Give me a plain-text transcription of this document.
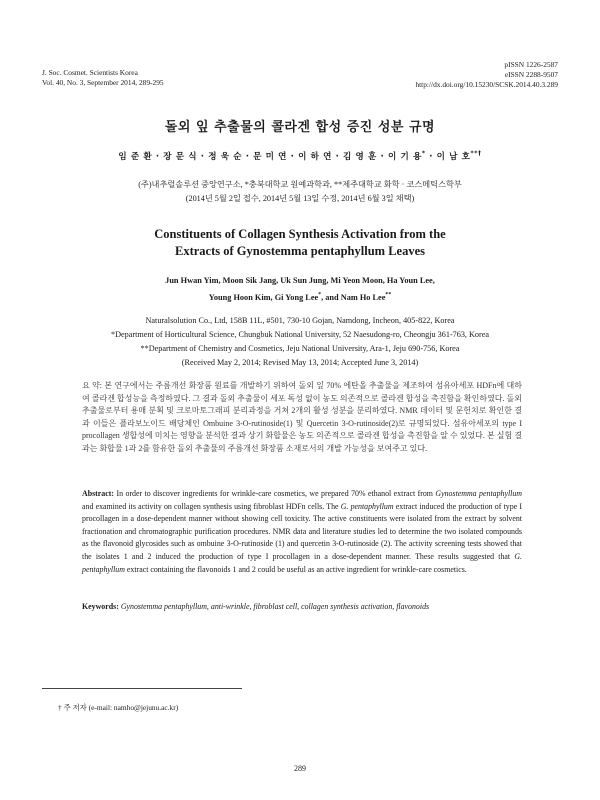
J. Soc. Cosmet. Scientists Korea
Vol. 40, No. 3, September 2014, 289-295
pISSN 1226-2587
eISSN 2288-9507
http://dx.doi.org/10.15230/SCSK.2014.40.3.289
돌외 잎 추출물의 콜라겐 합성 증진 성분 규명
임 준 환 · 장 문 식 · 정 욱 순 · 문 미 연 · 이 하 연 · 김 영 훈 · 이 기 용* · 이 남 호**†
(주)내추럴솔루션 중앙연구소, *충북대학교 원예과학과, **제주대학교 화학 · 코스메틱스학부
(2014년 5월 2일 접수, 2014년 5월 13일 수정, 2014년 6월 3일 채택)
Constituents of Collagen Synthesis Activation from the
Extracts of Gynostemma pentaphyllum Leaves
Jun Hwan Yim, Moon Sik Jang, Uk Sun Jung, Mi Yeon Moon, Ha Youn Lee,
Young Hoon Kim, Gi Yong Lee*, and Nam Ho Lee**
Naturalsolution Co., Ltd, 158B 11L, #501, 730-10 Gojan, Namdong, Incheon, 405-822, Korea
*Department of Horticultural Science, Chungbuk National University, 52 Naesudong-ro, Cheongju 361-763, Korea
**Department of Chemistry and Cosmetics, Jeju National University, Ara-1, Jeju 690-756, Korea
(Received May 2, 2014; Revised May 13, 2014; Accepted June 3, 2014)
요 약: 본 연구에서는 주름개선 화장품 원료를 개발하기 위하여 돌외 잎 70% 에탄올 추출물을 제조하여 섬유아세포 HDFn에 대하여 콜라겐 합성능을 측정하였다. 그 결과 돌외 추출물이 세포 독성 없이 농도 의존적으로 콜라겐 합성을 촉진함을 확인하였다. 돌외 추출물로부터 용매 분획 및 크로마토그래피 분리과정을 거쳐 2개의 활성 성분을 분리하였다. NMR 데이터 및 문헌치로 확인한 결과 이들은 플라보노이드 배당체인 Ombuine 3-O-rutinoside(1) 및 Quercetin 3-O-rutinoside(2)로 규명되었다. 섬유아세포의 type I procollagen 생합성에 미치는 영향을 분석한 결과 상기 화합물은 농도 의존적으로 콜라겐 합성을 촉진함을 알 수 있었다. 본 실험 결과는 화합물 1과 2를 함유한 돌외 추출물의 주름개선 화장품 소재로서의 개발 가능성을 보여주고 있다.
Abstract: In order to discover ingredients for wrinkle-care cosmetics, we prepared 70% ethanol extract from Gynostemma pentaphyllum and examined its activity on collagen synthesis using fibroblast HDFn cells. The G. pentaphyllum extract induced the production of type I procollagen in a dose-dependent manner without showing cell toxicity. The active constituents were isolated from the extract by solvent fractionation and chromatographic purification procedures. NMR data and literature studies led to determine the two isolated compounds as the flavonoid glycosides such as ombuine 3-O-rutinoside (1) and quercetin 3-O-rutinoside (2). The activity screening tests showed that the isolates 1 and 2 induced the production of type I procollagen in a dose-dependent manner. These results suggested that G. pentaphyllum extract containing the flavonoids 1 and 2 could be useful as an active ingredient for wrinkle-care cosmetics.
Keywords: Gynostemma pentaphyllum, anti-wrinkle, fibroblast cell, collagen synthesis activation, flavonoids
† 주 저자 (e-mail: namho@jejunu.ac.kr)
289
